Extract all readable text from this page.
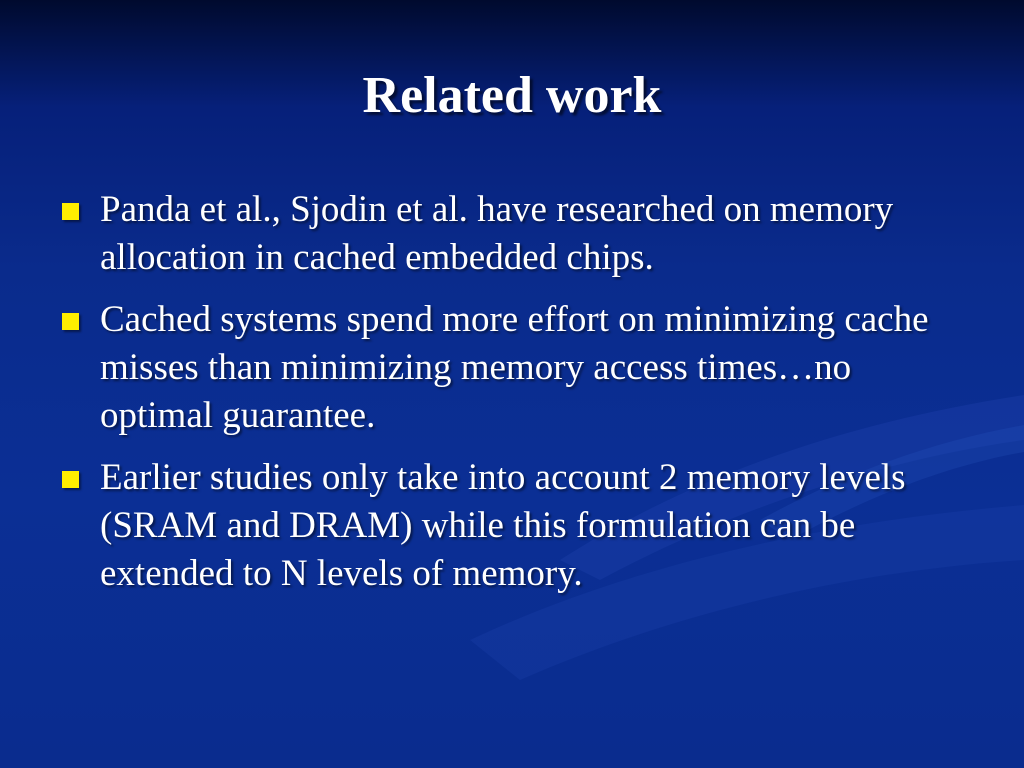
Related work
Panda et al., Sjodin et al. have researched on memory allocation in cached embedded chips.
Cached systems spend more effort on minimizing cache misses than minimizing memory access times…no optimal guarantee.
Earlier studies only take into account 2 memory levels (SRAM and DRAM) while this formulation can be extended to N levels of memory.
